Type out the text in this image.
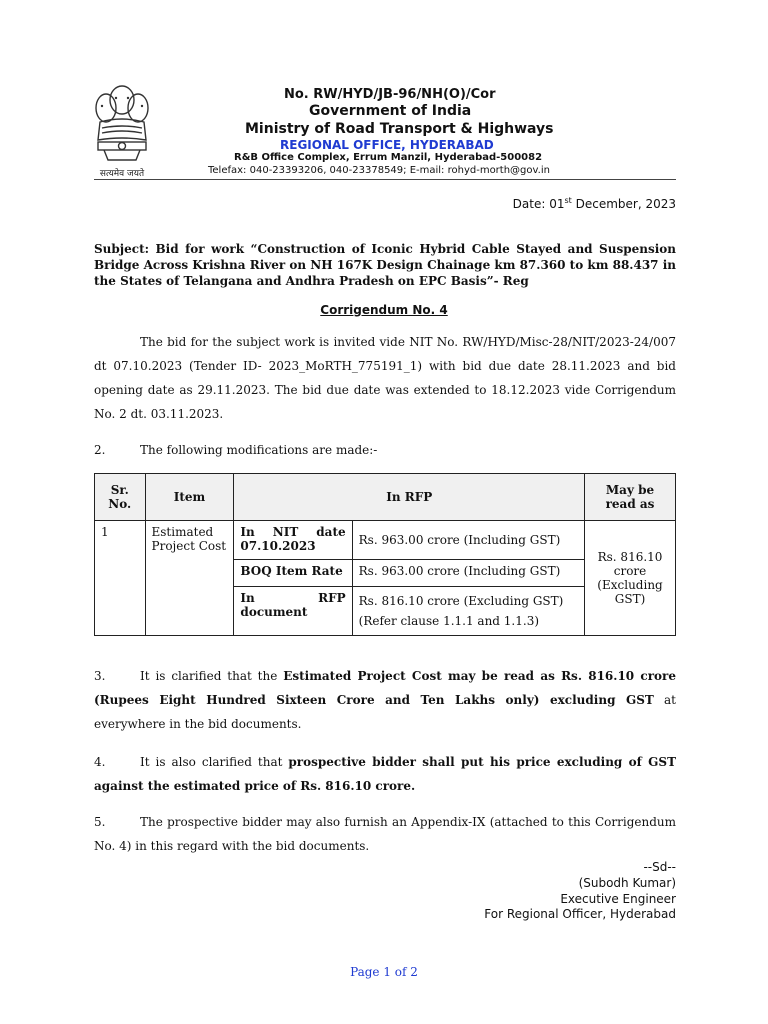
सत्यमेव जयते
No. RW/HYD/JB-96/NH(O)/Cor
Government of India
Ministry of Road Transport & Highways
REGIONAL OFFICE, HYDERABAD
R&B Office Complex, Errum Manzil, Hyderabad-500082
Telefax: 040-23393206, 040-23378549; E-mail: rohyd-morth@gov.in
Date: 01st December, 2023
Subject: Bid for work “Construction of Iconic Hybrid Cable Stayed and Suspension Bridge Across Krishna River on NH 167K Design Chainage km 87.360 to km 88.437 in the States of Telangana and Andhra Pradesh on EPC Basis”- Reg
Corrigendum No. 4
The bid for the subject work is invited vide NIT No. RW/HYD/Misc-28/NIT/2023-24/007 dt 07.10.2023 (Tender ID- 2023_MoRTH_775191_1) with bid due date 28.11.2023 and bid opening date as 29.11.2023. The bid due date was extended to 18.12.2023 vide Corrigendum No. 2 dt. 03.11.2023.
2.	The following modifications are made:-
Sr. No.	Item	In RFP		May be read as
1	Estimated Project Cost	In NIT date 07.10.2023	Rs. 963.00 crore (Including GST)	Rs. 816.10 crore (Excluding GST)
		BOQ Item Rate	Rs. 963.00 crore (Including GST)	
		In RFP document	Rs. 816.10 crore (Excluding GST)
(Refer clause 1.1.1 and 1.1.3)	
3.	It is clarified that the Estimated Project Cost may be read as Rs. 816.10 crore (Rupees Eight Hundred Sixteen Crore and Ten Lakhs only) excluding GST at everywhere in the bid documents.
4.	It is also clarified that prospective bidder shall put his price excluding of GST against the estimated price of Rs. 816.10 crore.
5.	The prospective bidder may also furnish an Appendix-IX (attached to this Corrigendum No. 4) in this regard with the bid documents.
--Sd--
(Subodh Kumar)
Executive Engineer
For Regional Officer, Hyderabad
Page 1 of 2
